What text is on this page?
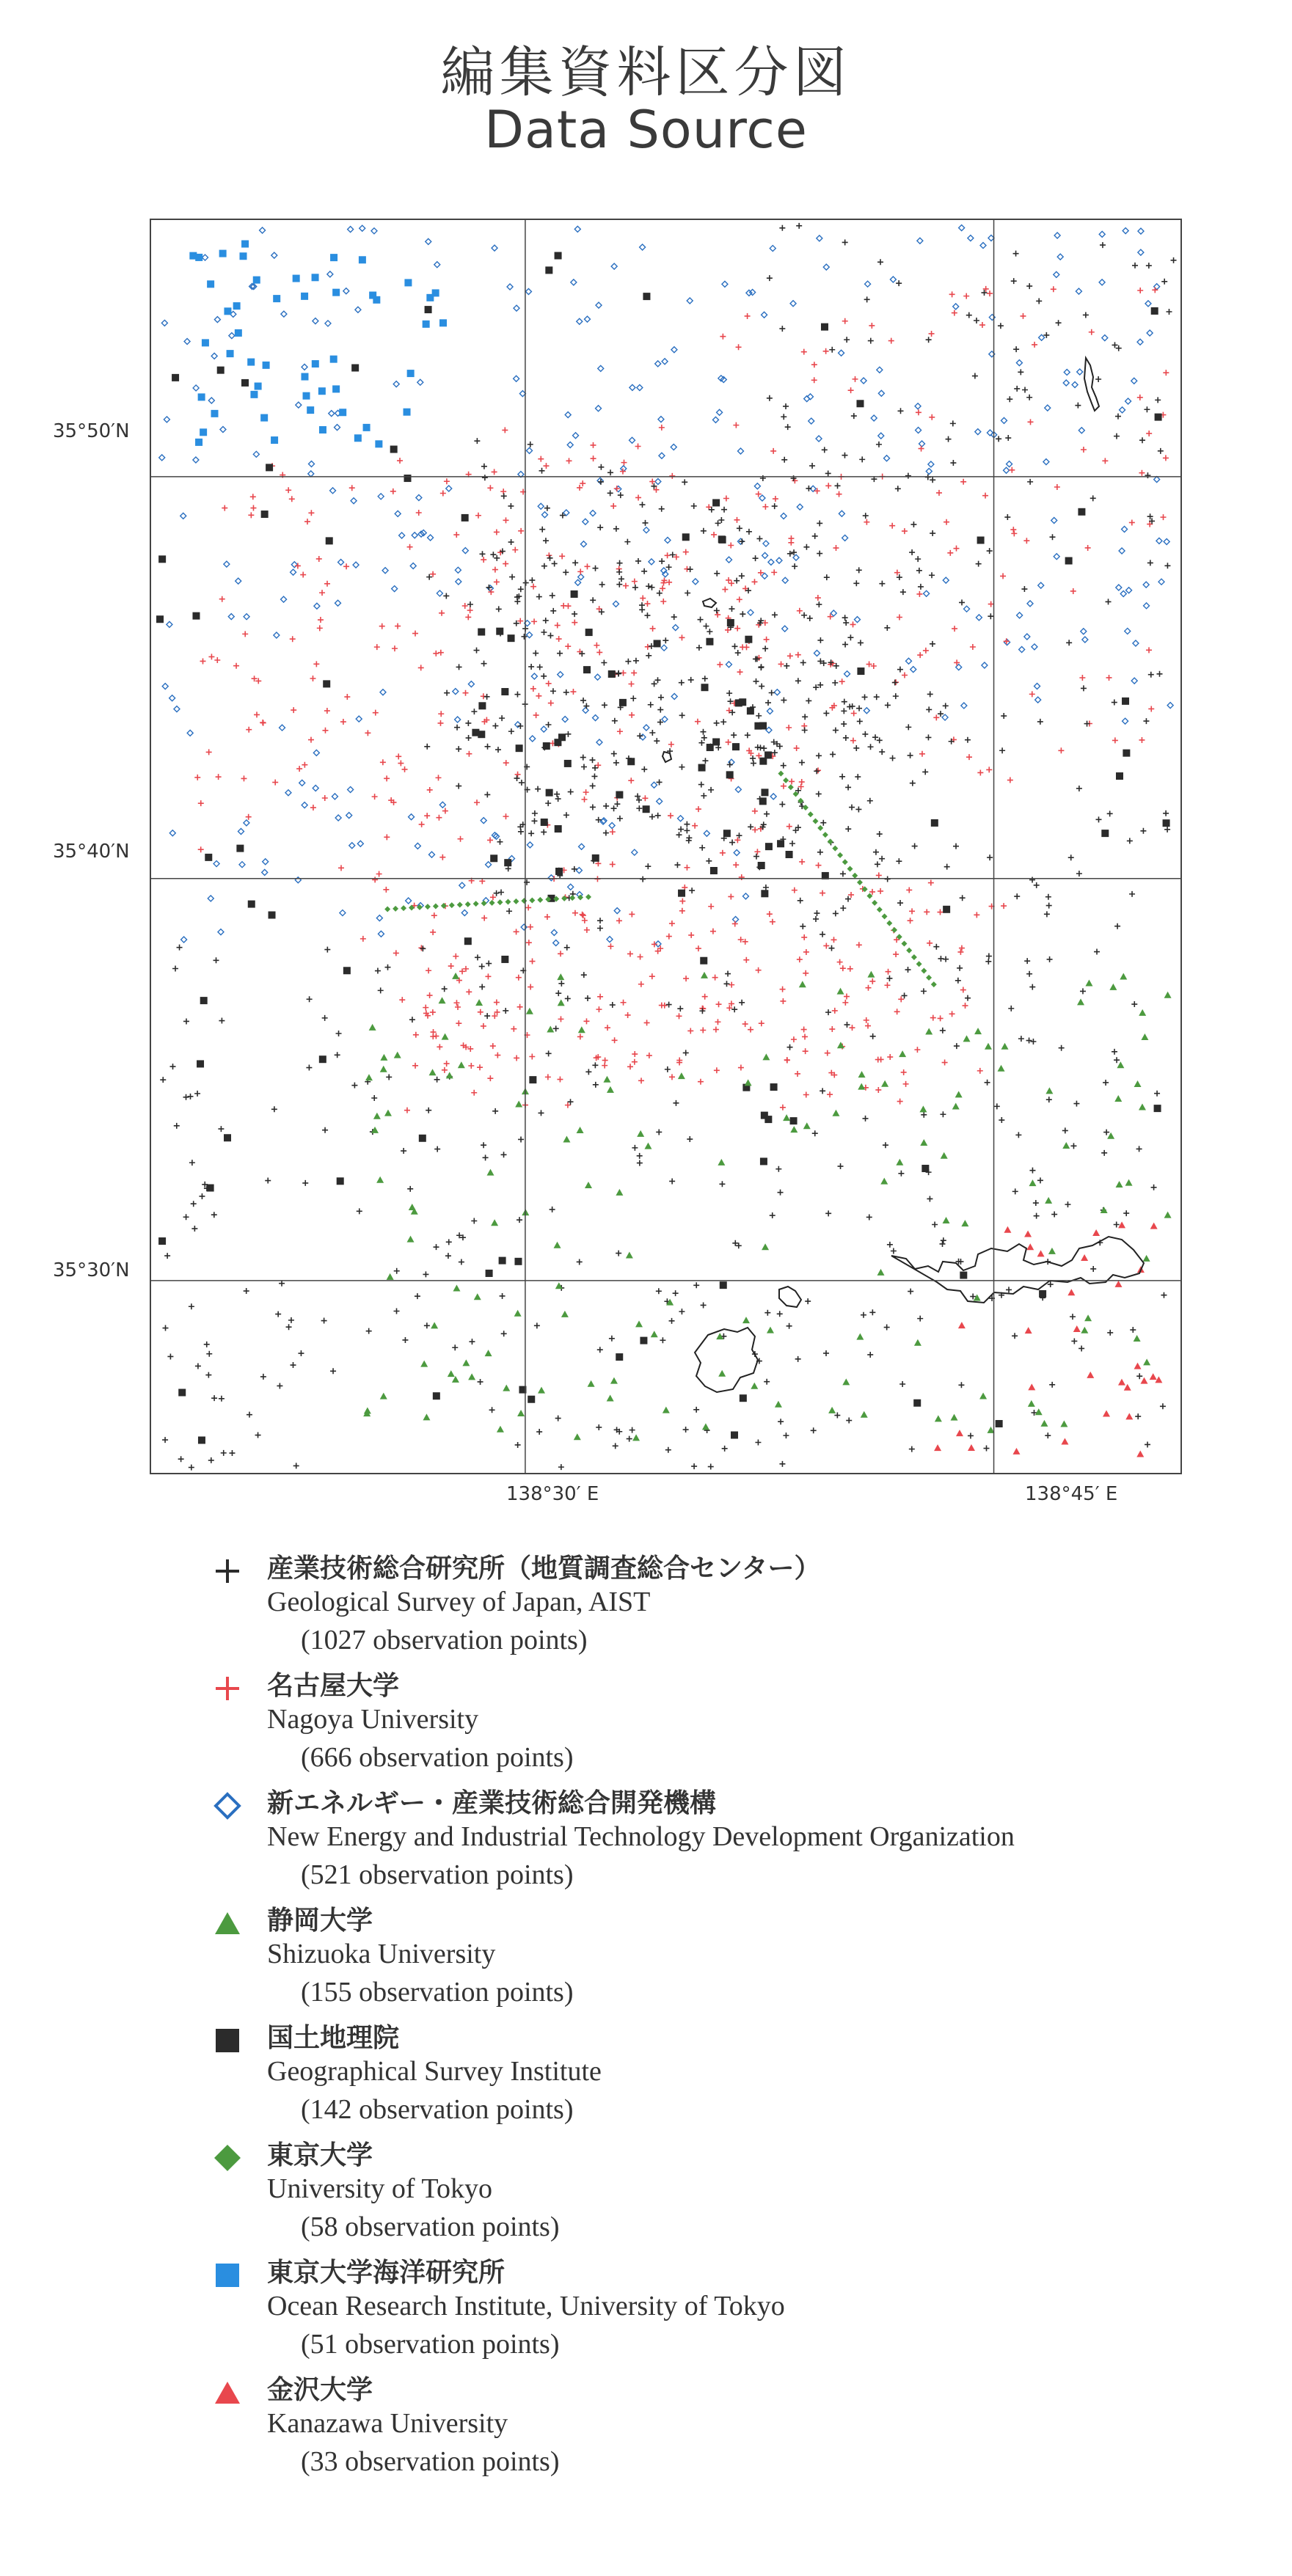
編集資料区分図
Data Source
35°50′N
35°40′N
35°30′N
138°30′ E	138°45′ E
産業技術総合研究所（地質調査総合センター）
Geological Survey of Japan, AIST
(1027 observation points)
名古屋大学
Nagoya University
(666 observation points)
新エネルギー・産業技術総合開発機構
New Energy and Industrial Technology Development Organization
(521 observation points)
静岡大学
Shizuoka University
(155 observation points)
国土地理院
Geographical Survey Institute
(142 observation points)
東京大学
University of Tokyo
(58 observation points)
東京大学海洋研究所
Ocean Research Institute, University of Tokyo
(51 observation points)
金沢大学
Kanazawa University
(33 observation points)
